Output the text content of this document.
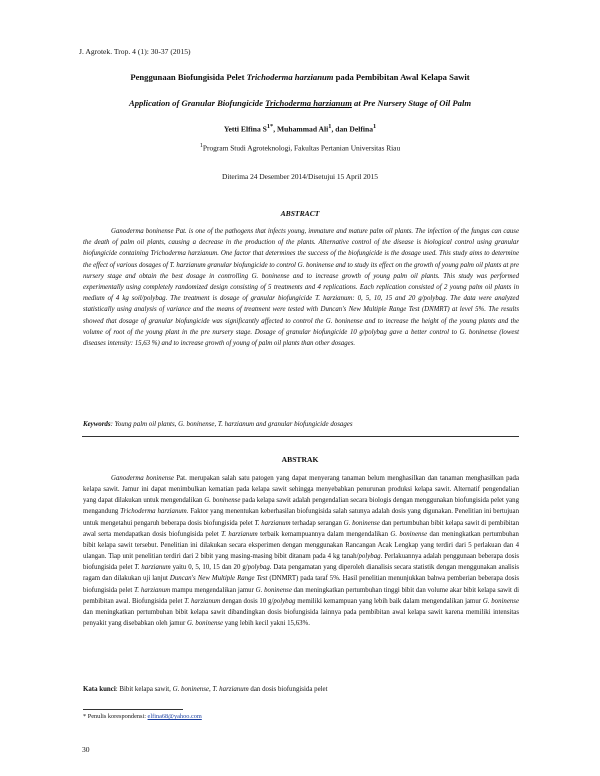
J. Agrotek. Trop. 4 (1): 30-37 (2015)
Penggunaan Biofungisida Pelet Trichoderma harzianum pada Pembibitan Awal Kelapa Sawit
Application of Granular Biofungicide Trichoderma harzianum at Pre Nursery Stage of Oil Palm
Yetti Elfina $S^{1*}$, Muhammad Ali$^1$, dan Delfina$^1$
$^1$Program Studi Agroteknologi, Fakultas Pertanian Universitas Riau
Diterima 24 Desember 2014/Disetujui 15 April 2015
ABSTRACT

Ganoderma boninense Pat. is one of the pathogens that infects young, immature and mature palm oil plants. The infection of the fungus can cause the death of palm oil plants, causing a decrease in the production of the plants. Alternative control of the disease is biological control using granular biofungicide containing Trichoderma harzianum. One factor that determines the success of the biofungicide is the dosage used. This study aims to determine the effect of various dosages of T. harzianum granular biofungicide to control G. boninense and to study its effect on the growth of young palm oil plants at pre nursery stage and obtain the best dosage in controlling G. boninense and to increase growth of young palm oil plants. This study was performed experimentally using completely randomized design consisting of 5 treatments and 4 replications. Each replication consisted of 2 young palm oil plants in medium of 4 kg soil/polybag. The treatment is dosage of granular biofungicide T. harzianum: 0, 5, 10, 15 and 20 g/polybag. The data were analyzed statistically using analysis of variance and the means of treatment were tested with Duncan's New Multiple Range Test (DNMRT) at level 5%. The results showed that dosage of granular biofungicide was significantly affected to control the G. boninense and to increase the height of the young plants and the volume of root of the young plant in the pre nursery stage. Dosage of granular biofungicide 10 g/polybag gave a better control to G. boninense (lowest diseases intensity: 15,63 %) and to increase growth of young of palm oil plants than other dosages.

Keywords: Young palm oil plants, G. boninense, T. harzianum and granular biofungicide dosages
ABSTRAK

Ganoderma boninense Pat. merupakan salah satu patogen yang dapat menyerang tanaman belum menghasilkan dan tanaman menghasilkan pada kelapa sawit. Jamur ini dapat menimbulkan kematian pada kelapa sawit sehingga menyebabkan penurunan produksi kelapa sawit. Alternatif pengendalian yang dapat dilakukan untuk mengendalikan G. boninense pada kelapa sawit adalah pengendalian secara biologis dengan menggunakan biofungisida pelet yang mengandung Trichoderma harzianum. Faktor yang menentukan keberhasilan biofungisida salah satunya adalah dosis yang digunakan. Penelitian ini bertujuan untuk mengetahui pengaruh beberapa dosis biofungisida pelet T. harzianum terhadap serangan G. boninense dan pertumbuhan bibit kelapa sawit di pembibitan awal serta mendapatkan dosis biofungisida pelet T. harzianum terbaik kemampuannya dalam mengendalikan G. boninense dan meningkatkan pertumbuhan bibit kelapa sawit tersebut. Penelitian ini dilakukan secara eksperimen dengan menggunakan Rancangan Acak Lengkap yang terdiri dari 5 perlakuan dan 4 ulangan. Tiap unit penelitian terdiri dari 2 bibit yang masing-masing bibit ditanam pada 4 kg tanah/polybag. Perlakuannya adalah penggunaan beberapa dosis biofungisida pelet T. harzianum yaitu 0, 5, 10, 15 dan 20 g/polybag. Data pengamatan yang diperoleh dianalisis secara statistik dengan menggunakan analisis ragam dan dilakukan uji lanjut Duncan's New Multiple Range Test (DNMRT) pada taraf 5%. Hasil penelitian menunjukkan bahwa pemberian beberapa dosis biofungisida pelet T. harzianum mampu mengendalikan jamur G. boninense dan meningkatkan pertumbuhan tinggi bibit dan volume akar bibit kelapa sawit di pembibitan awal. Biofungisida pelet T. harzianum dengan dosis 10 g/polybag memiliki kemampuan yang lebih baik dalam mengendalikan jamur G. boninense dan meningkatkan pertumbuhan bibit kelapa sawit dibandingkan dosis biofungisida lainnya pada pembibitan awal kelapa sawit karena memiliki intensitas penyakit yang disebabkan oleh jamur G. boninense yang lebih kecil yakni 15,63%.

Kata kunci: Bibit kelapa sawit, G. boninense, T. harzianum dan dosis biofungisida pelet
* Penulis korespondensi: elfina68@yahoo.com
30
